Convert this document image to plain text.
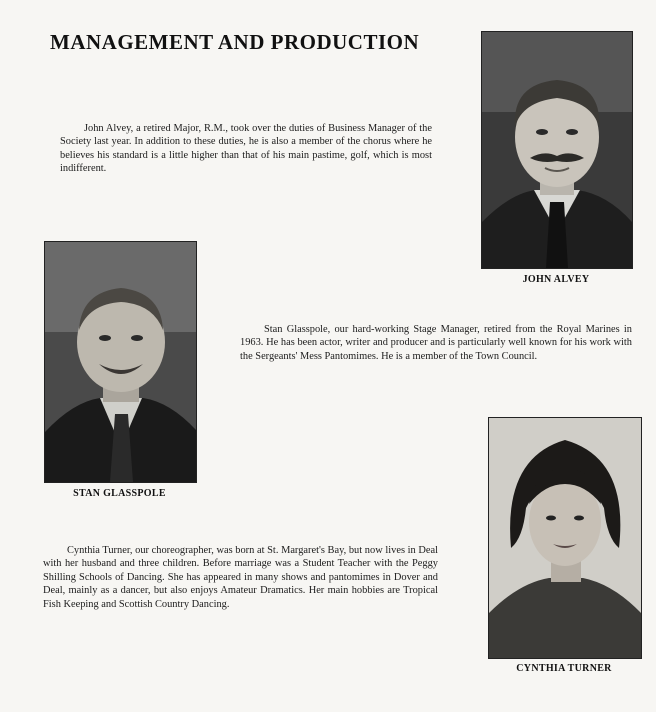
MANAGEMENT AND PRODUCTION

John Alvey, a retired Major, R.M., took over the duties of Business Manager of the Society last year. In addition to these duties, he is also a member of the chorus where he believes his standard is a little higher than that of his main pastime, golf, which is most indifferent.

JOHN ALVEY
STAN GLASSPOLE

Stan Glasspole, our hard-working Stage Manager, retired from the Royal Marines in 1963. He has been actor, writer and producer and is particularly well known for his work with the Sergeants' Mess Pantomimes. He is a member of the Town Council.

Cynthia Turner, our choreographer, was born at St. Margaret's Bay, but now lives in Deal with her husband and three children. Before marriage was a Student Teacher with the Peggy Shilling Schools of Dancing. She has appeared in many shows and pantomimes in Dover and Deal, mainly as a dancer, but also enjoys Amateur Dramatics. Her main hobbies are Tropical Fish Keeping and Scottish Country Dancing.

CYNTHIA TURNER
